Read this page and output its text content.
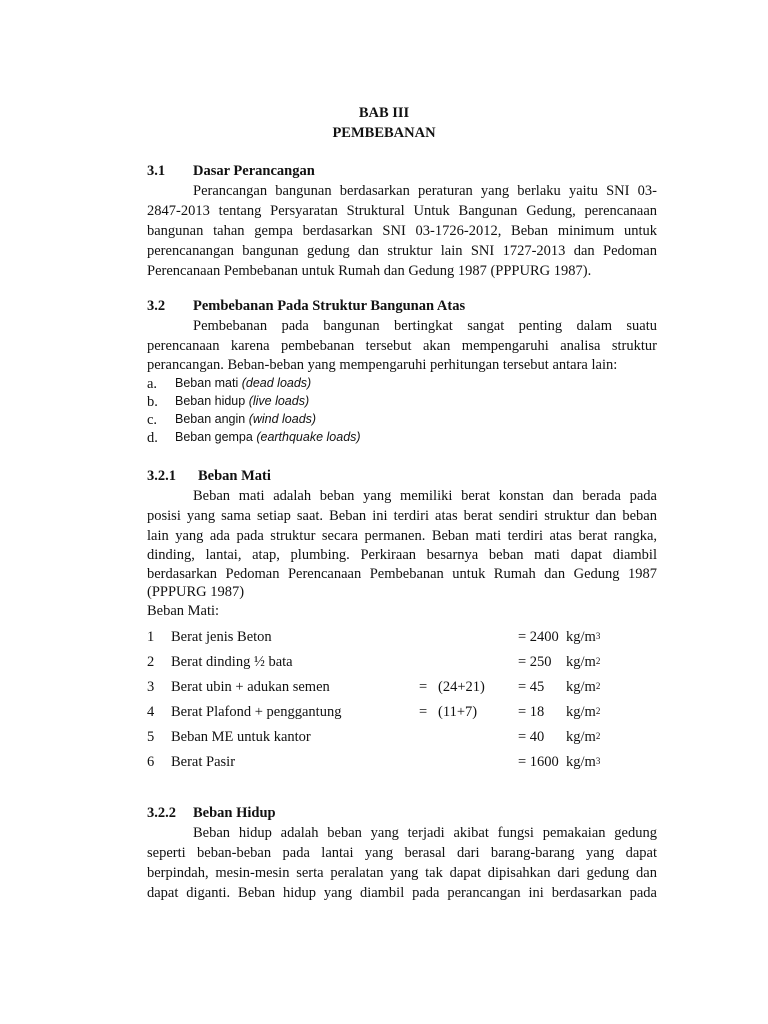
BAB III
PEMBEBANAN
3.1 Dasar Perancangan
Perancangan bangunan berdasarkan peraturan yang berlaku yaitu SNI 03-
2847-2013 tentang Persyaratan Struktural Untuk Bangunan Gedung, perencanaan
bangunan tahan gempa berdasarkan SNI 03-1726-2012, Beban minimum untuk
perencanangan bangunan gedung dan struktur lain SNI 1727-2013 dan Pedoman
Perencanaan Pembebanan untuk Rumah dan Gedung 1987 (PPPURG 1987).
3.2 Pembebanan Pada Struktur Bangunan Atas
Pembebanan pada bangunan bertingkat sangat penting dalam suatu
perencanaan karena pembebanan tersebut akan mempengaruhi analisa struktur
perancangan. Beban-beban yang mempengaruhi perhitungan tersebut antara lain:
a. Beban mati (dead loads)
b. Beban hidup (live loads)
c. Beban angin (wind loads)
d. Beban gempa (earthquake loads)
3.2.1 Beban Mati
Beban mati adalah beban yang memiliki berat konstan dan berada pada
posisi yang sama setiap saat. Beban ini terdiri atas berat sendiri struktur dan beban
lain yang ada pada struktur secara permanen. Beban mati terdiri atas berat rangka,
dinding, lantai, atap, plumbing. Perkiraan besarnya beban mati dapat diambil
berdasarkan Pedoman Perencanaan Pembebanan untuk Rumah dan Gedung 1987
(PPPURG 1987)
Beban Mati:
1 Berat jenis Beton	= 2400 $kg/m^3$
2 Berat dinding ½ bata	= 250 $kg/m^2$
3 Berat ubin + adukan semen	=   (24+21) = 45 $kg/m^2$
4 Berat Plafond + penggantung	=   (11+7)	= 18 $kg/m^2$
5 Beban ME untuk kantor	= 40 $kg/m^2$
6 Berat Pasir	= 1600 $kg/m^3$
3.2.2 Beban Hidup
Beban hidup adalah beban yang terjadi akibat fungsi pemakaian gedung
seperti beban-beban pada lantai yang berasal dari barang-barang yang dapat
berpindah, mesin-mesin serta peralatan yang tak dapat dipisahkan dari gedung dan
dapat diganti. Beban hidup yang diambil pada perancangan ini berdasarkan pada
